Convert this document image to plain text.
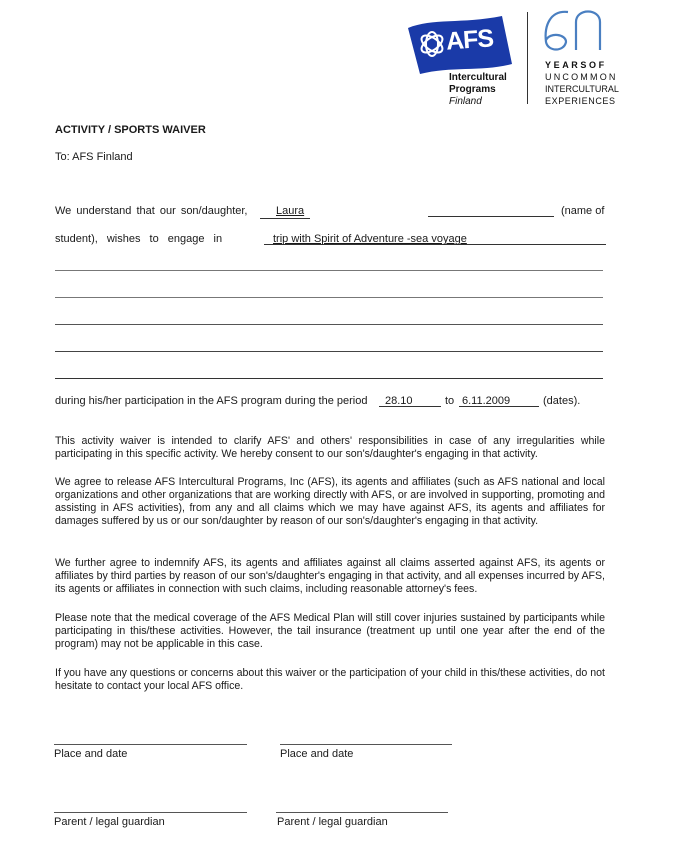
AFS
Intercultural
Programs
Finland
YEARSOF
UNCOMMON
INTERCULTURAL
EXPERIENCES
ACTIVITY / SPORTS WAIVER
To: AFS Finland
We understand that our son/daughter,	Laura	(name of
student), wishes to engage in	trip with Spirit of Adventure -sea voyage
during his/her participation in the AFS program during the period 28.10	to 6.11.2009	(dates).
This activity waiver is intended to clarify AFS' and others' responsibilities in case of any irregularities while participating in this specific activity. We hereby consent to our son's/daughter's engaging in that activity.
We agree to release AFS Intercultural Programs, Inc (AFS), its agents and affiliates (such as AFS national and local organizations and other organizations that are working directly with AFS, or are involved in supporting, promoting and assisting in AFS activities), from any and all claims which we may have against AFS, its agents and affiliates for damages suffered by us or our son/daughter by reason of our son's/daughter's engaging in that activity.
We further agree to indemnify AFS, its agents and affiliates against all claims asserted against AFS, its agents or affiliates by third parties by reason of our son's/daughter's engaging in that activity, and all expenses incurred by AFS, its agents or affiliates in connection with such claims, including reasonable attorney's fees.
Please note that the medical coverage of the AFS Medical Plan will still cover injuries sustained by participants while participating in this/these activities. However, the tail insurance (treatment up until one year after the end of the program) may not be applicable in this case.
If you have any questions or concerns about this waiver or the participation of your child in this/these activities, do not hesitate to contact your local AFS office.
Place and date	Place and date
Parent / legal guardian	Parent / legal guardian
